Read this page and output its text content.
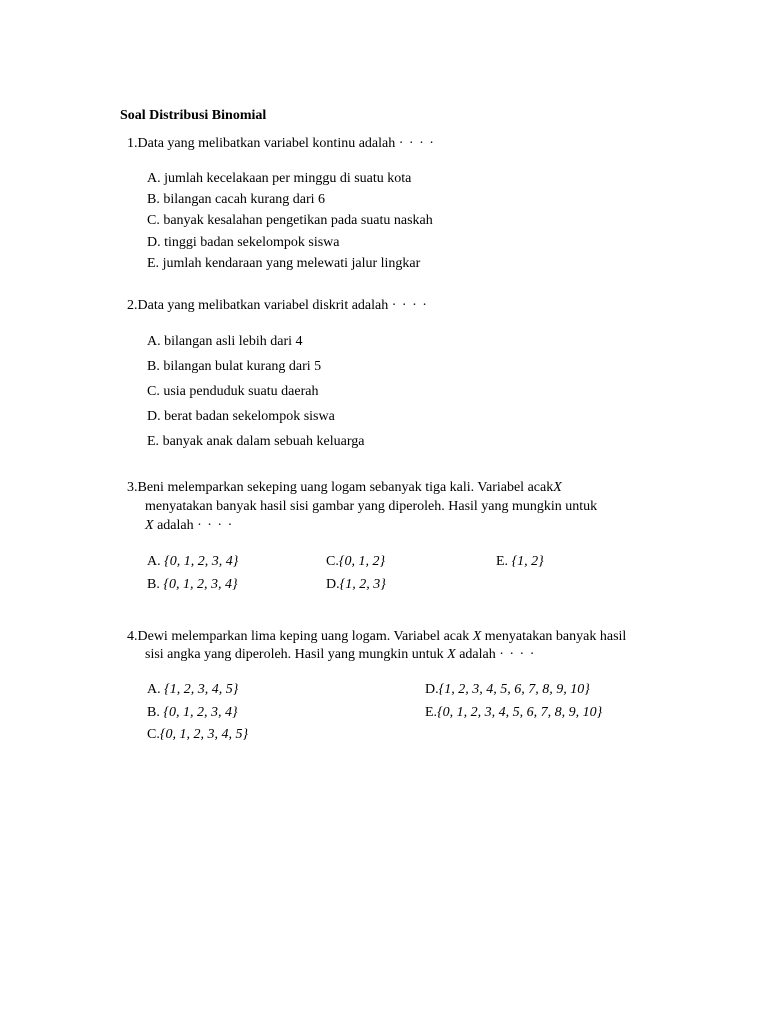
Soal Distribusi Binomial
1.Data yang melibatkan variabel kontinu adalah · · · ·
A. jumlah kecelakaan per minggu di suatu kota
B. bilangan cacah kurang dari 6
C. banyak kesalahan pengetikan pada suatu naskah
D. tinggi badan sekelompok siswa
E. jumlah kendaraan yang melewati jalur lingkar
2.Data yang melibatkan variabel diskrit adalah · · · ·
A. bilangan asli lebih dari 4
B. bilangan bulat kurang dari 5
C. usia penduduk suatu daerah
D. berat badan sekelompok siswa
E. banyak anak dalam sebuah keluarga
3.Beni melemparkan sekeping uang logam sebanyak tiga kali. Variabel acakX
menyatakan banyak hasil sisi gambar yang diperoleh. Hasil yang mungkin untuk
X adalah · · · ·
A. {0, 1, 2, 3, 4}
B. {0, 1, 2, 3, 4}
C.{0, 1, 2}
D.{1, 2, 3}
E. {1, 2}
4.Dewi melemparkan lima keping uang logam. Variabel acak X menyatakan banyak hasil
sisi angka yang diperoleh. Hasil yang mungkin untuk X adalah · · · ·
A. {1, 2, 3, 4, 5}
B. {0, 1, 2, 3, 4}
C.{0, 1, 2, 3, 4, 5}
D.{1, 2, 3, 4, 5, 6, 7, 8, 9, 10}
E.{0, 1, 2, 3, 4, 5, 6, 7, 8, 9, 10}
